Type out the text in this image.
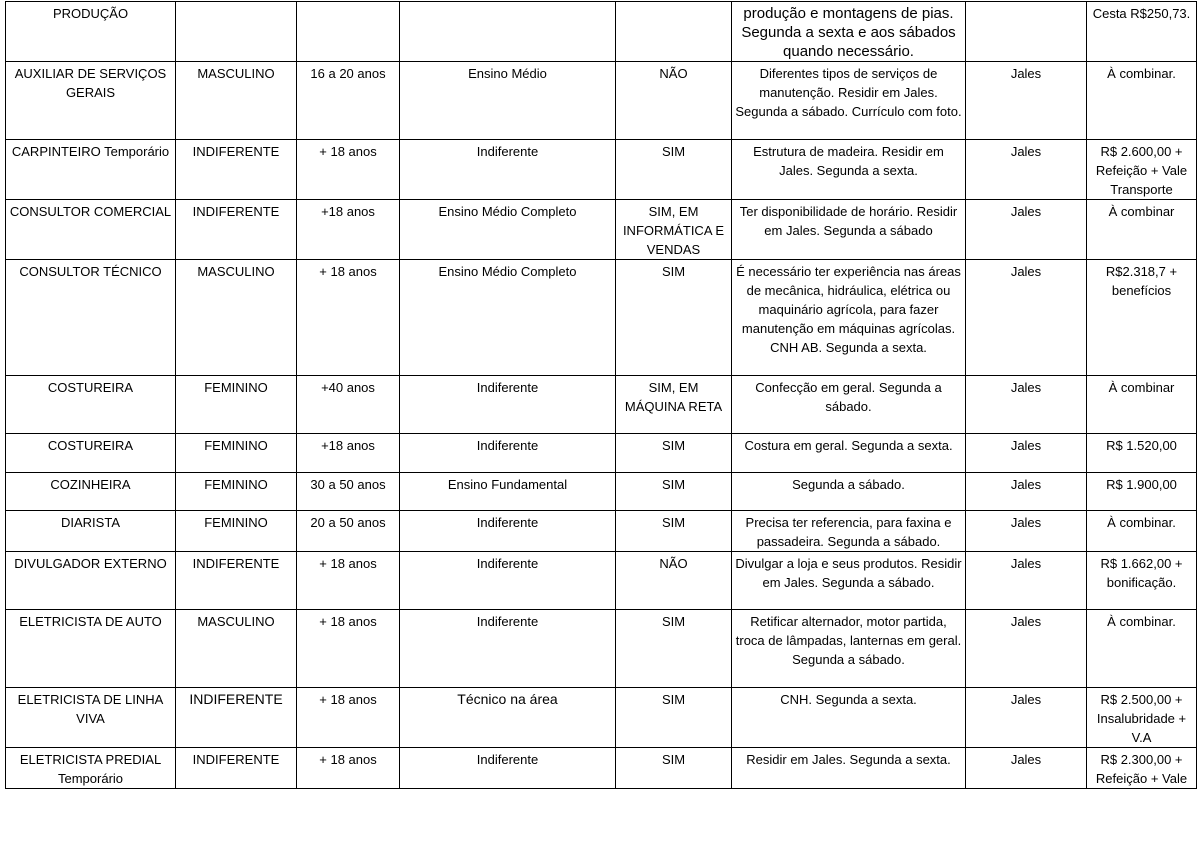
PRODUÇÃO					produção e montagens de pias. Segunda a sexta e aos sábados quando necessário.		Cesta R$250,73.
AUXILIAR DE SERVIÇOS GERAIS	MASCULINO	16 a 20 anos	Ensino Médio	NÃO	Diferentes tipos de serviços de manutenção. Residir em Jales. Segunda a sábado. Currículo com foto.	Jales	À combinar.
CARPINTEIRO Temporário	INDIFERENTE	+ 18 anos	Indiferente	SIM	Estrutura de madeira. Residir em Jales. Segunda a sexta.	Jales	R$ 2.600,00 + Refeição + Vale Transporte
CONSULTOR COMERCIAL	INDIFERENTE	+18 anos	Ensino Médio Completo	SIM, EM INFORMÁTICA E VENDAS	Ter disponibilidade de horário. Residir em Jales. Segunda a sábado	Jales	À combinar
CONSULTOR TÉCNICO	MASCULINO	+ 18 anos	Ensino Médio Completo	SIM	É necessário ter experiência nas áreas de mecânica, hidráulica, elétrica ou maquinário agrícola, para fazer manutenção em máquinas agrícolas. CNH AB. Segunda a sexta.	Jales	R$2.318,7 + benefícios
COSTUREIRA	FEMININO	+40 anos	Indiferente	SIM, EM MÁQUINA RETA	Confecção em geral. Segunda a sábado.	Jales	À combinar
COSTUREIRA	FEMININO	+18 anos	Indiferente	SIM	Costura em geral. Segunda a sexta.	Jales	R$ 1.520,00
COZINHEIRA	FEMININO	30 a 50 anos	Ensino Fundamental	SIM	Segunda a sábado.	Jales	R$ 1.900,00
DIARISTA	FEMININO	20 a 50 anos	Indiferente	SIM	Precisa ter referencia, para faxina e passadeira. Segunda a sábado.	Jales	À combinar.
DIVULGADOR EXTERNO	INDIFERENTE	+ 18 anos	Indiferente	NÃO	Divulgar a loja e seus produtos. Residir em Jales. Segunda a sábado.	Jales	R$ 1.662,00 + bonificação.
ELETRICISTA DE AUTO	MASCULINO	+ 18 anos	Indiferente	SIM	Retificar alternador, motor partida, troca de lâmpadas, lanternas em geral. Segunda a sábado.	Jales	À combinar.
ELETRICISTA DE LINHA VIVA	INDIFERENTE	+ 18 anos	Técnico na área	SIM	CNH. Segunda a sexta.	Jales	R$ 2.500,00 + Insalubridade + V.A
ELETRICISTA PREDIAL Temporário	INDIFERENTE	+ 18 anos	Indiferente	SIM	Residir em Jales. Segunda a sexta.	Jales	R$ 2.300,00 + Refeição + Vale
